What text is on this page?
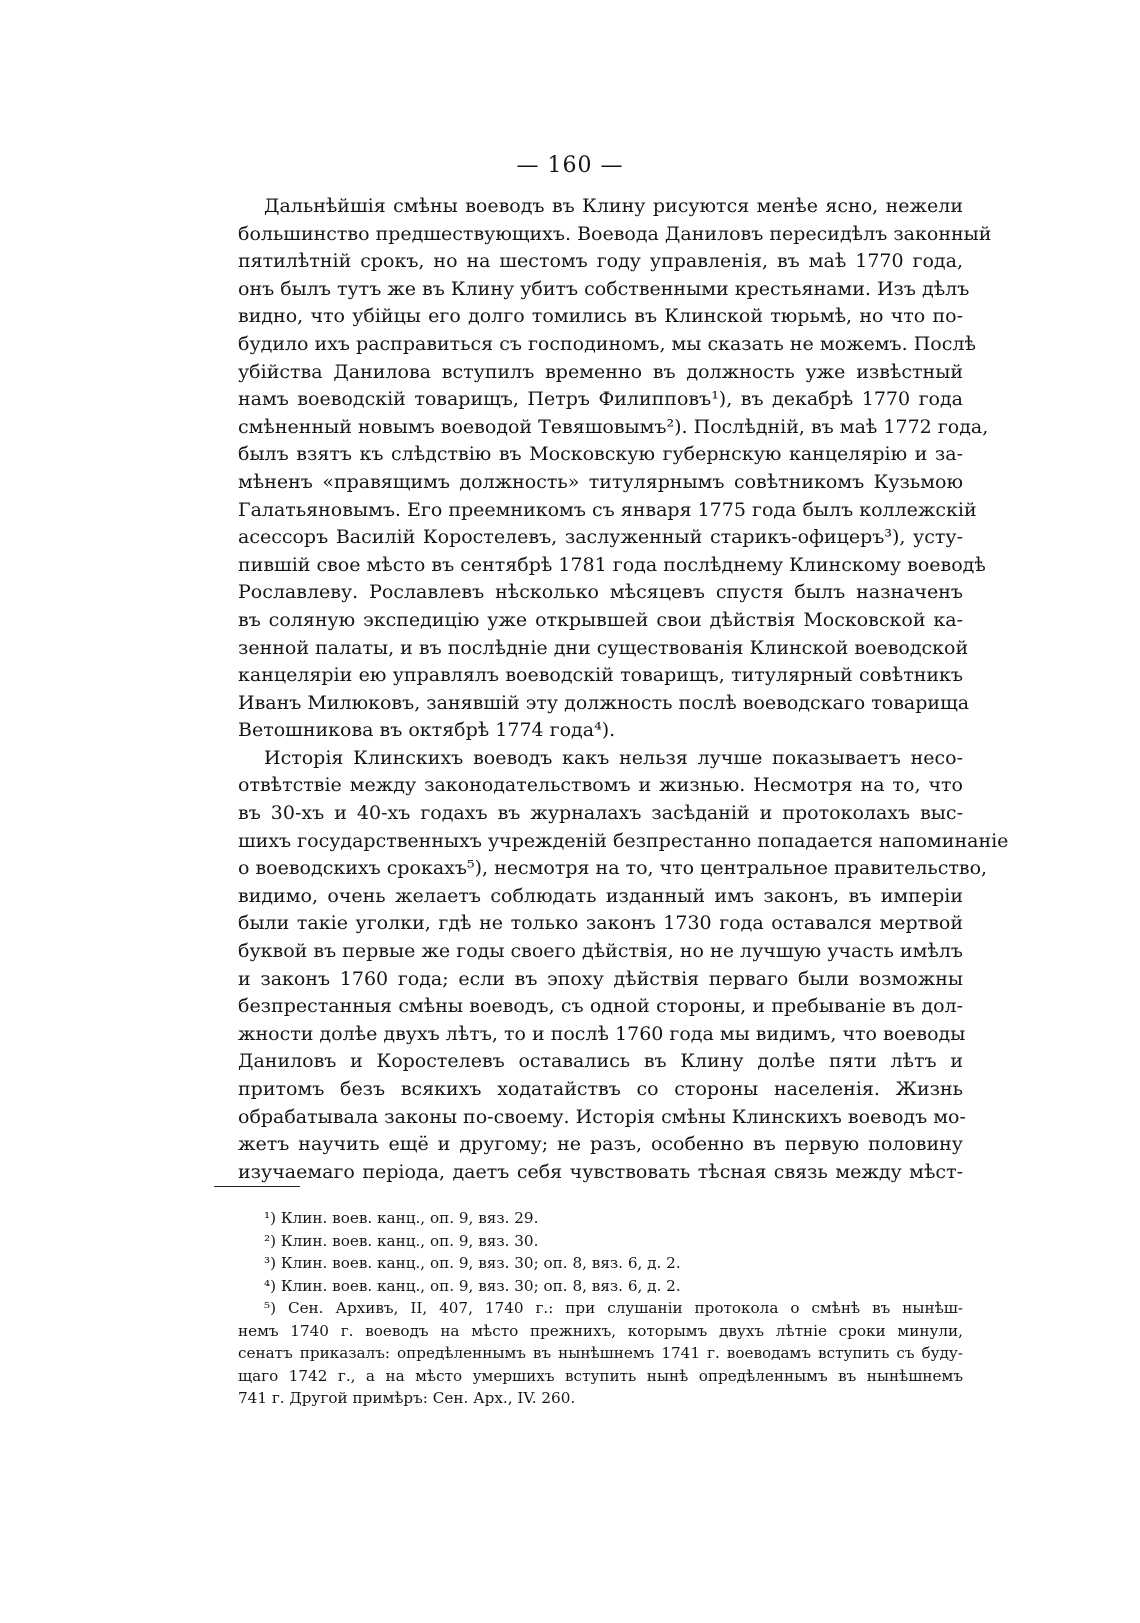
— 160 —
Дальнѣйшія смѣны воеводъ въ Клину рисуются менѣе ясно, нежели
большинство предшествующихъ. Воевода Даниловъ пересидѣлъ законный
пятилѣтній срокъ, но на шестомъ году управленія, въ маѣ 1770 года,
онъ былъ тутъ же въ Клину убитъ собственными крестьянами. Изъ дѣлъ
видно, что убійцы его долго томились въ Клинской тюрьмѣ, но что по-
будило ихъ расправиться съ господиномъ, мы сказать не можемъ. Послѣ
убійства Данилова вступилъ временно въ должность уже извѣстный
намъ воеводскій товарищъ, Петръ Филипповъ¹), въ декабрѣ 1770 года
смѣненный новымъ воеводой Тевяшовымъ²). Послѣдній, въ маѣ 1772 года,
былъ взятъ къ слѣдствію въ Московскую губернскую канцелярію и за-
мѣненъ «правящимъ должность» титулярнымъ совѣтникомъ Кузьмою
Галатьяновымъ. Его преемникомъ съ января 1775 года былъ коллежскій
асессоръ Василій Коростелевъ, заслуженный старикъ-офицеръ³), усту-
пившій свое мѣсто въ сентябрѣ 1781 года послѣднему Клинскому воеводѣ
Рославлеву. Рославлевъ нѣсколько мѣсяцевъ спустя былъ назначенъ
въ соляную экспедицію уже открывшей свои дѣйствія Московской ка-
зенной палаты, и въ послѣдніе дни существованія Клинской воеводской
канцеляріи ею управлялъ воеводскій товарищъ, титулярный совѣтникъ
Иванъ Милюковъ, занявшій эту должность послѣ воеводскаго товарища
Ветошникова въ октябрѣ 1774 года⁴).
Исторія Клинскихъ воеводъ какъ нельзя лучше показываетъ несо-
отвѣтствіе между законодательствомъ и жизнью. Несмотря на то, что
въ 30-хъ и 40-хъ годахъ въ журналахъ засѣданій и протоколахъ выс-
шихъ государственныхъ учрежденій безпрестанно попадается напоминаніе
о воеводскихъ срокахъ⁵), несмотря на то, что центральное правительство,
видимо, очень желаетъ соблюдать изданный имъ законъ, въ имперіи
были такіе уголки, гдѣ не только законъ 1730 года оставался мертвой
буквой въ первые же годы своего дѣйствія, но не лучшую участь имѣлъ
и законъ 1760 года; если въ эпоху дѣйствія перваго были возможны
безпрестанныя смѣны воеводъ, съ одной стороны, и пребываніе въ дол-
жности долѣе двухъ лѣтъ, то и послѣ 1760 года мы видимъ, что воеводы
Даниловъ и Коростелевъ оставались въ Клину долѣе пяти лѣтъ и
притомъ безъ всякихъ ходатайствъ со стороны населенія. Жизнь
обрабатывала законы по-своему. Исторія смѣны Клинскихъ воеводъ мо-
жетъ научить ещё и другому; не разъ, особенно въ первую половину
изучаемаго періода, даетъ себя чувствовать тѣсная связь между мѣст-
¹) Клин. воев. канц., оп. 9, вяз. 29.
²) Клин. воев. канц., оп. 9, вяз. 30.
³) Клин. воев. канц., оп. 9, вяз. 30; оп. 8, вяз. 6, д. 2.
⁴) Клин. воев. канц., оп. 9, вяз. 30; оп. 8, вяз. 6, д. 2.
⁵) Сен. Архивъ, II, 407, 1740 г.: при слушаніи протокола о смѣнѣ въ нынѣш-
немъ 1740 г. воеводъ на мѣсто прежнихъ, которымъ двухъ лѣтніе сроки минули,
сенатъ приказалъ: опредѣленнымъ въ нынѣшнемъ 1741 г. воеводамъ вступить съ буду-
щаго 1742 г., а на мѣсто умершихъ вступить нынѣ опредѣленнымъ въ нынѣшнемъ
741 г. Другой примѣръ: Сен. Арх., IV. 260.
